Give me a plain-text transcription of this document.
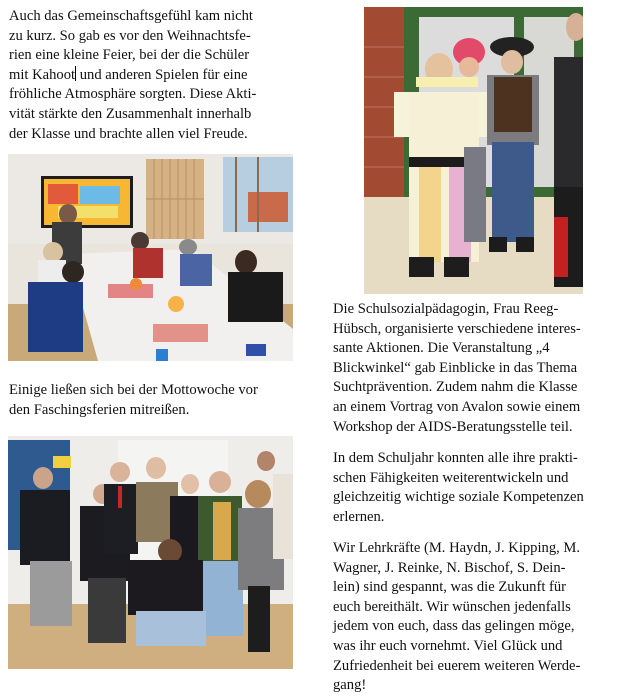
Auch das Gemeinschaftsgefühl kam nicht
zu kurz. So gab es vor den Weihnachtsfe-
rien eine kleine Feier, bei der die Schüler
mit Kahoot und anderen Spielen für eine
fröhliche Atmosphäre sorgten. Diese Akti-
vität stärkte den Zusammenhalt innerhalb
der Klasse und brachte allen viel Freude.

Einige ließen sich bei der Mottowoche vor
den Faschingsferien mitreißen.

Die Schulsozialpädagogin, Frau Reeg-
Hübsch, organisierte verschiedene interes-
sante Aktionen. Die Veranstaltung „4
Blickwinkel“ gab Einblicke in das Thema
Suchtprävention. Zudem nahm die Klasse
an einem Vortrag von Avalon sowie einem
Workshop der AIDS-Beratungsstelle teil.

In dem Schuljahr konnten alle ihre prakti-
schen Fähigkeiten weiterentwickeln und
gleichzeitig wichtige soziale Kompetenzen
erlernen.

Wir Lehrkräfte (M. Haydn, J. Kipping, M.
Wagner, J. Reinke, N. Bischof, S. Dein-
lein) sind gespannt, was die Zukunft für
euch bereithält. Wir wünschen jedenfalls
jedem von euch, dass das gelingen möge,
was ihr euch vornehmt. Viel Glück und
Zufriedenheit bei euerem weiteren Werde-
gang!
